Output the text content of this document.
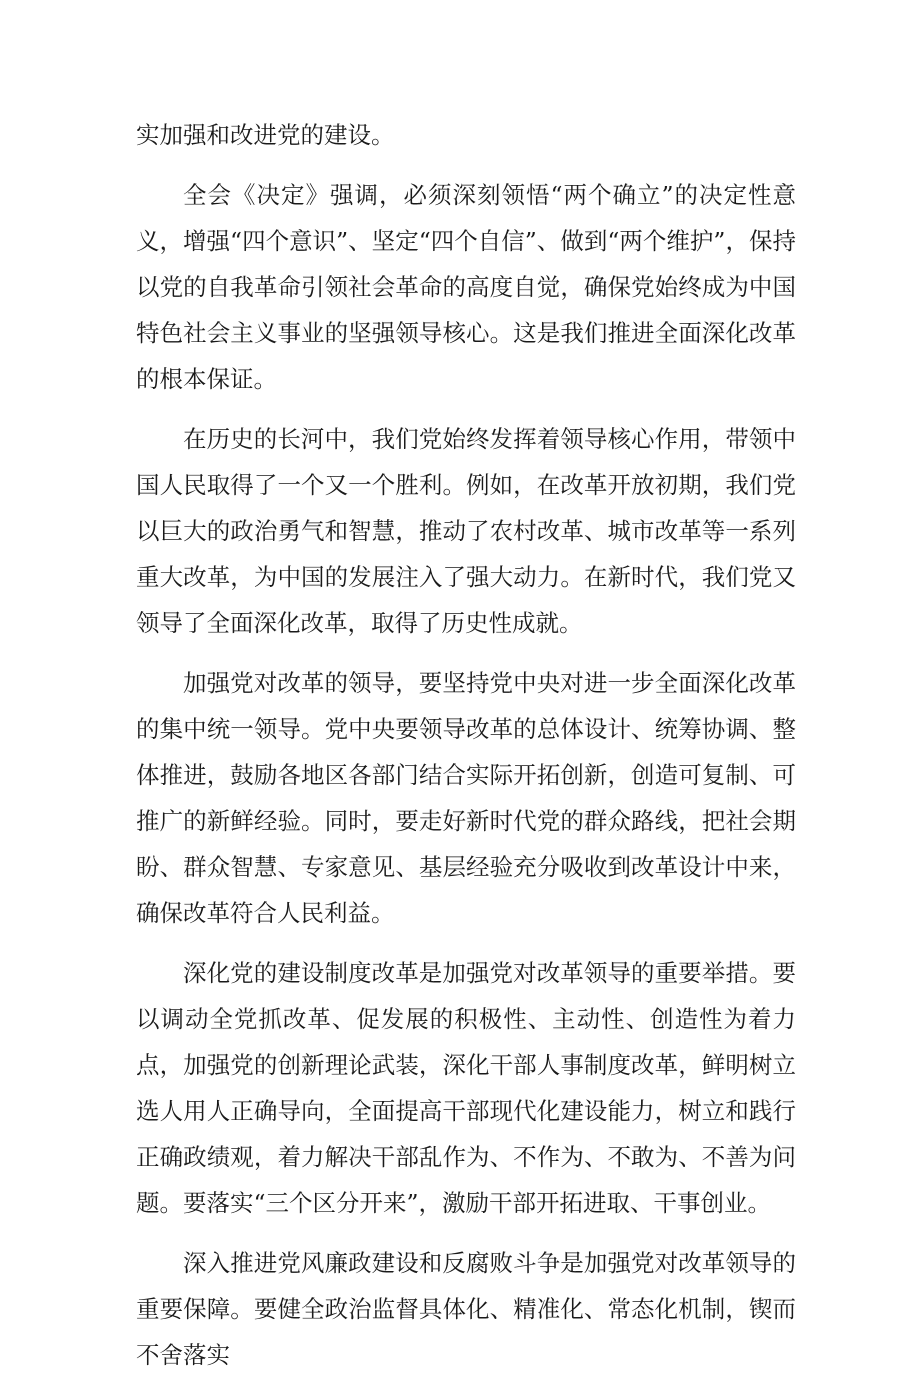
实加强和改进党的建设。

全会《决定》强调，必须深刻领悟“两个确立”的决定性意义，增强“四个意识”、坚定“四个自信”、做到“两个维护”，保持以党的自我革命引领社会革命的高度自觉，确保党始终成为中国特色社会主义事业的坚强领导核心。这是我们推进全面深化改革的根本保证。

在历史的长河中，我们党始终发挥着领导核心作用，带领中国人民取得了一个又一个胜利。例如，在改革开放初期，我们党以巨大的政治勇气和智慧，推动了农村改革、城市改革等一系列重大改革，为中国的发展注入了强大动力。在新时代，我们党又领导了全面深化改革，取得了历史性成就。

加强党对改革的领导，要坚持党中央对进一步全面深化改革的集中统一领导。党中央要领导改革的总体设计、统筹协调、整体推进，鼓励各地区各部门结合实际开拓创新，创造可复制、可推广的新鲜经验。同时，要走好新时代党的群众路线，把社会期盼、群众智慧、专家意见、基层经验充分吸收到改革设计中来，确保改革符合人民利益。

深化党的建设制度改革是加强党对改革领导的重要举措。要以调动全党抓改革、促发展的积极性、主动性、创造性为着力点，加强党的创新理论武装，深化干部人事制度改革，鲜明树立选人用人正确导向，全面提高干部现代化建设能力，树立和践行正确政绩观，着力解决干部乱作为、不作为、不敢为、不善为问题。要落实“三个区分开来”，激励干部开拓进取、干事创业。

深入推进党风廉政建设和反腐败斗争是加强党对改革领导的重要保障。要健全政治监督具体化、精准化、常态化机制，锲而不舍落实
